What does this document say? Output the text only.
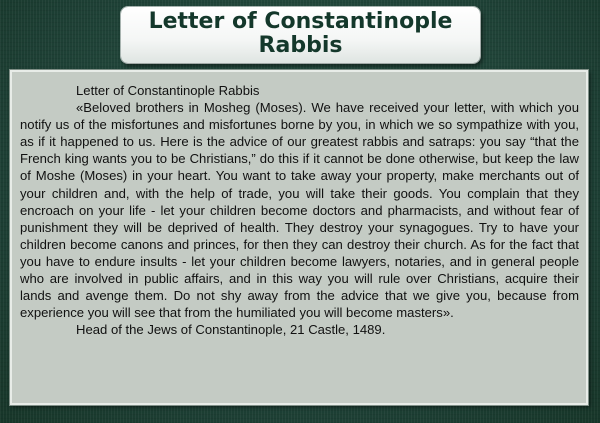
Letter of Constantinople
Rabbis

Letter of Constantinople Rabbis

«Beloved brothers in Mosheg (Moses). We have received your letter, with which you notify us of the misfortunes and misfortunes borne by you, in which we so sympathize with you, as if it happened to us. Here is the advice of our greatest rabbis and satraps: you say “that the French king wants you to be Christians,” do this if it cannot be done otherwise, but keep the law of Moshe (Moses) in your heart. You want to take away your property, make merchants out of your children and, with the help of trade, you will take their goods. You complain that they encroach on your life - let your children become doctors and pharmacists, and without fear of punishment they will be deprived of health. They destroy your synagogues. Try to have your children become canons and princes, for then they can destroy their church. As for the fact that you have to endure insults - let your children become lawyers, notaries, and in general people who are involved in public affairs, and in this way you will rule over Christians, acquire their lands and avenge them. Do not shy away from the advice that we give you, because from experience you will see that from the humiliated you will become masters».

Head of the Jews of Constantinople, 21 Castle, 1489.
